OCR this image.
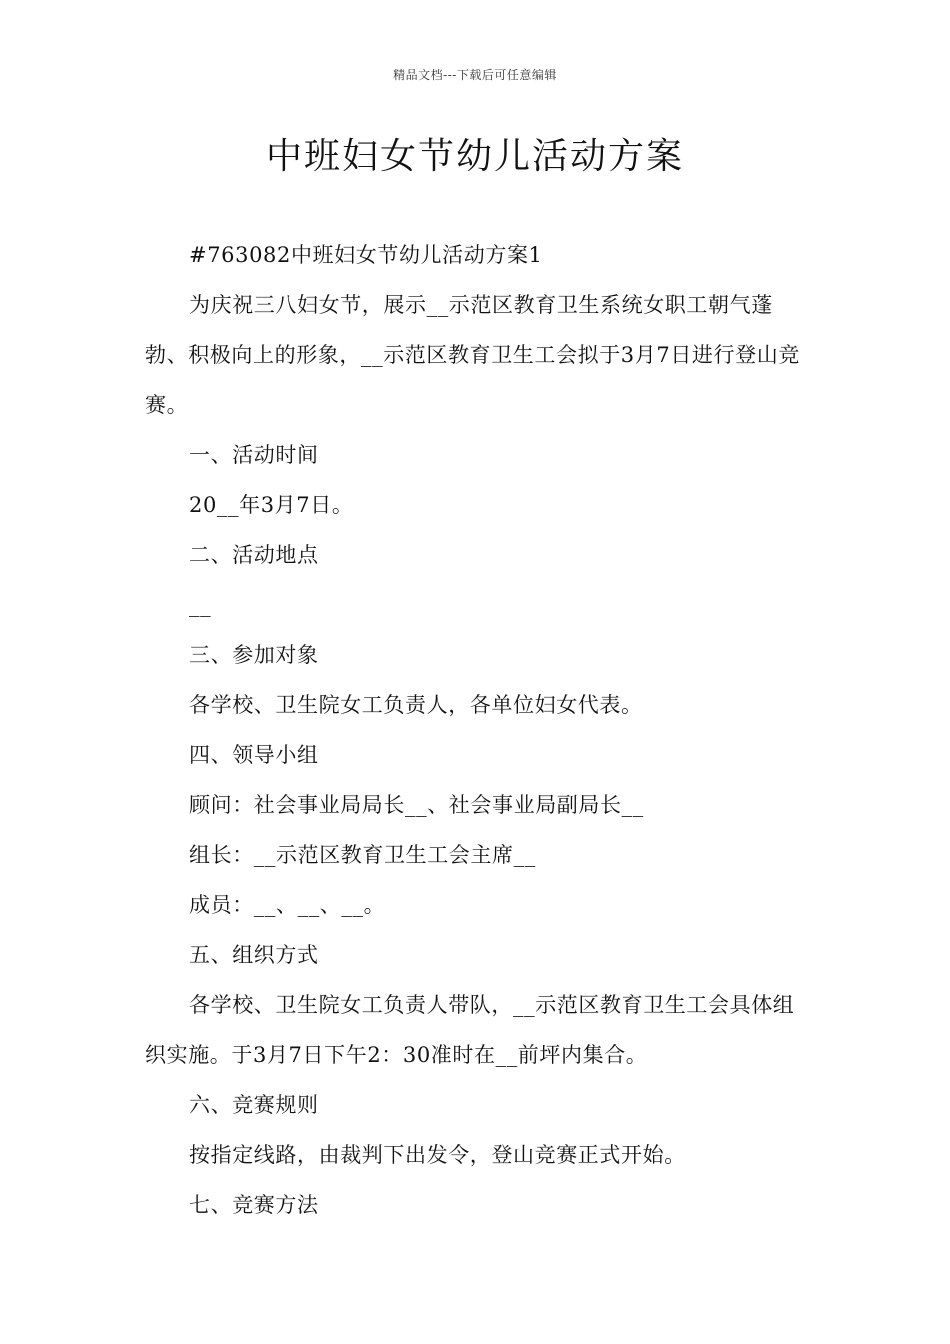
精品文档---下载后可任意编辑
中班妇女节幼儿活动方案

#763082中班妇女节幼儿活动方案1

为庆祝三八妇女节，展示__示范区教育卫生系统女职工朝气蓬勃、积极向上的形象，__示范区教育卫生工会拟于3月7日进行登山竞赛。

一、活动时间

20__年3月7日。

二、活动地点

__

三、参加对象

各学校、卫生院女工负责人，各单位妇女代表。

四、领导小组

顾问：社会事业局局长__、社会事业局副局长__

组长：__示范区教育卫生工会主席__

成员：__、__、__。

五、组织方式

各学校、卫生院女工负责人带队，__示范区教育卫生工会具体组织实施。于3月7日下午2：30准时在__前坪内集合。

六、竞赛规则

按指定线路，由裁判下出发令，登山竞赛正式开始。

七、竞赛方法
